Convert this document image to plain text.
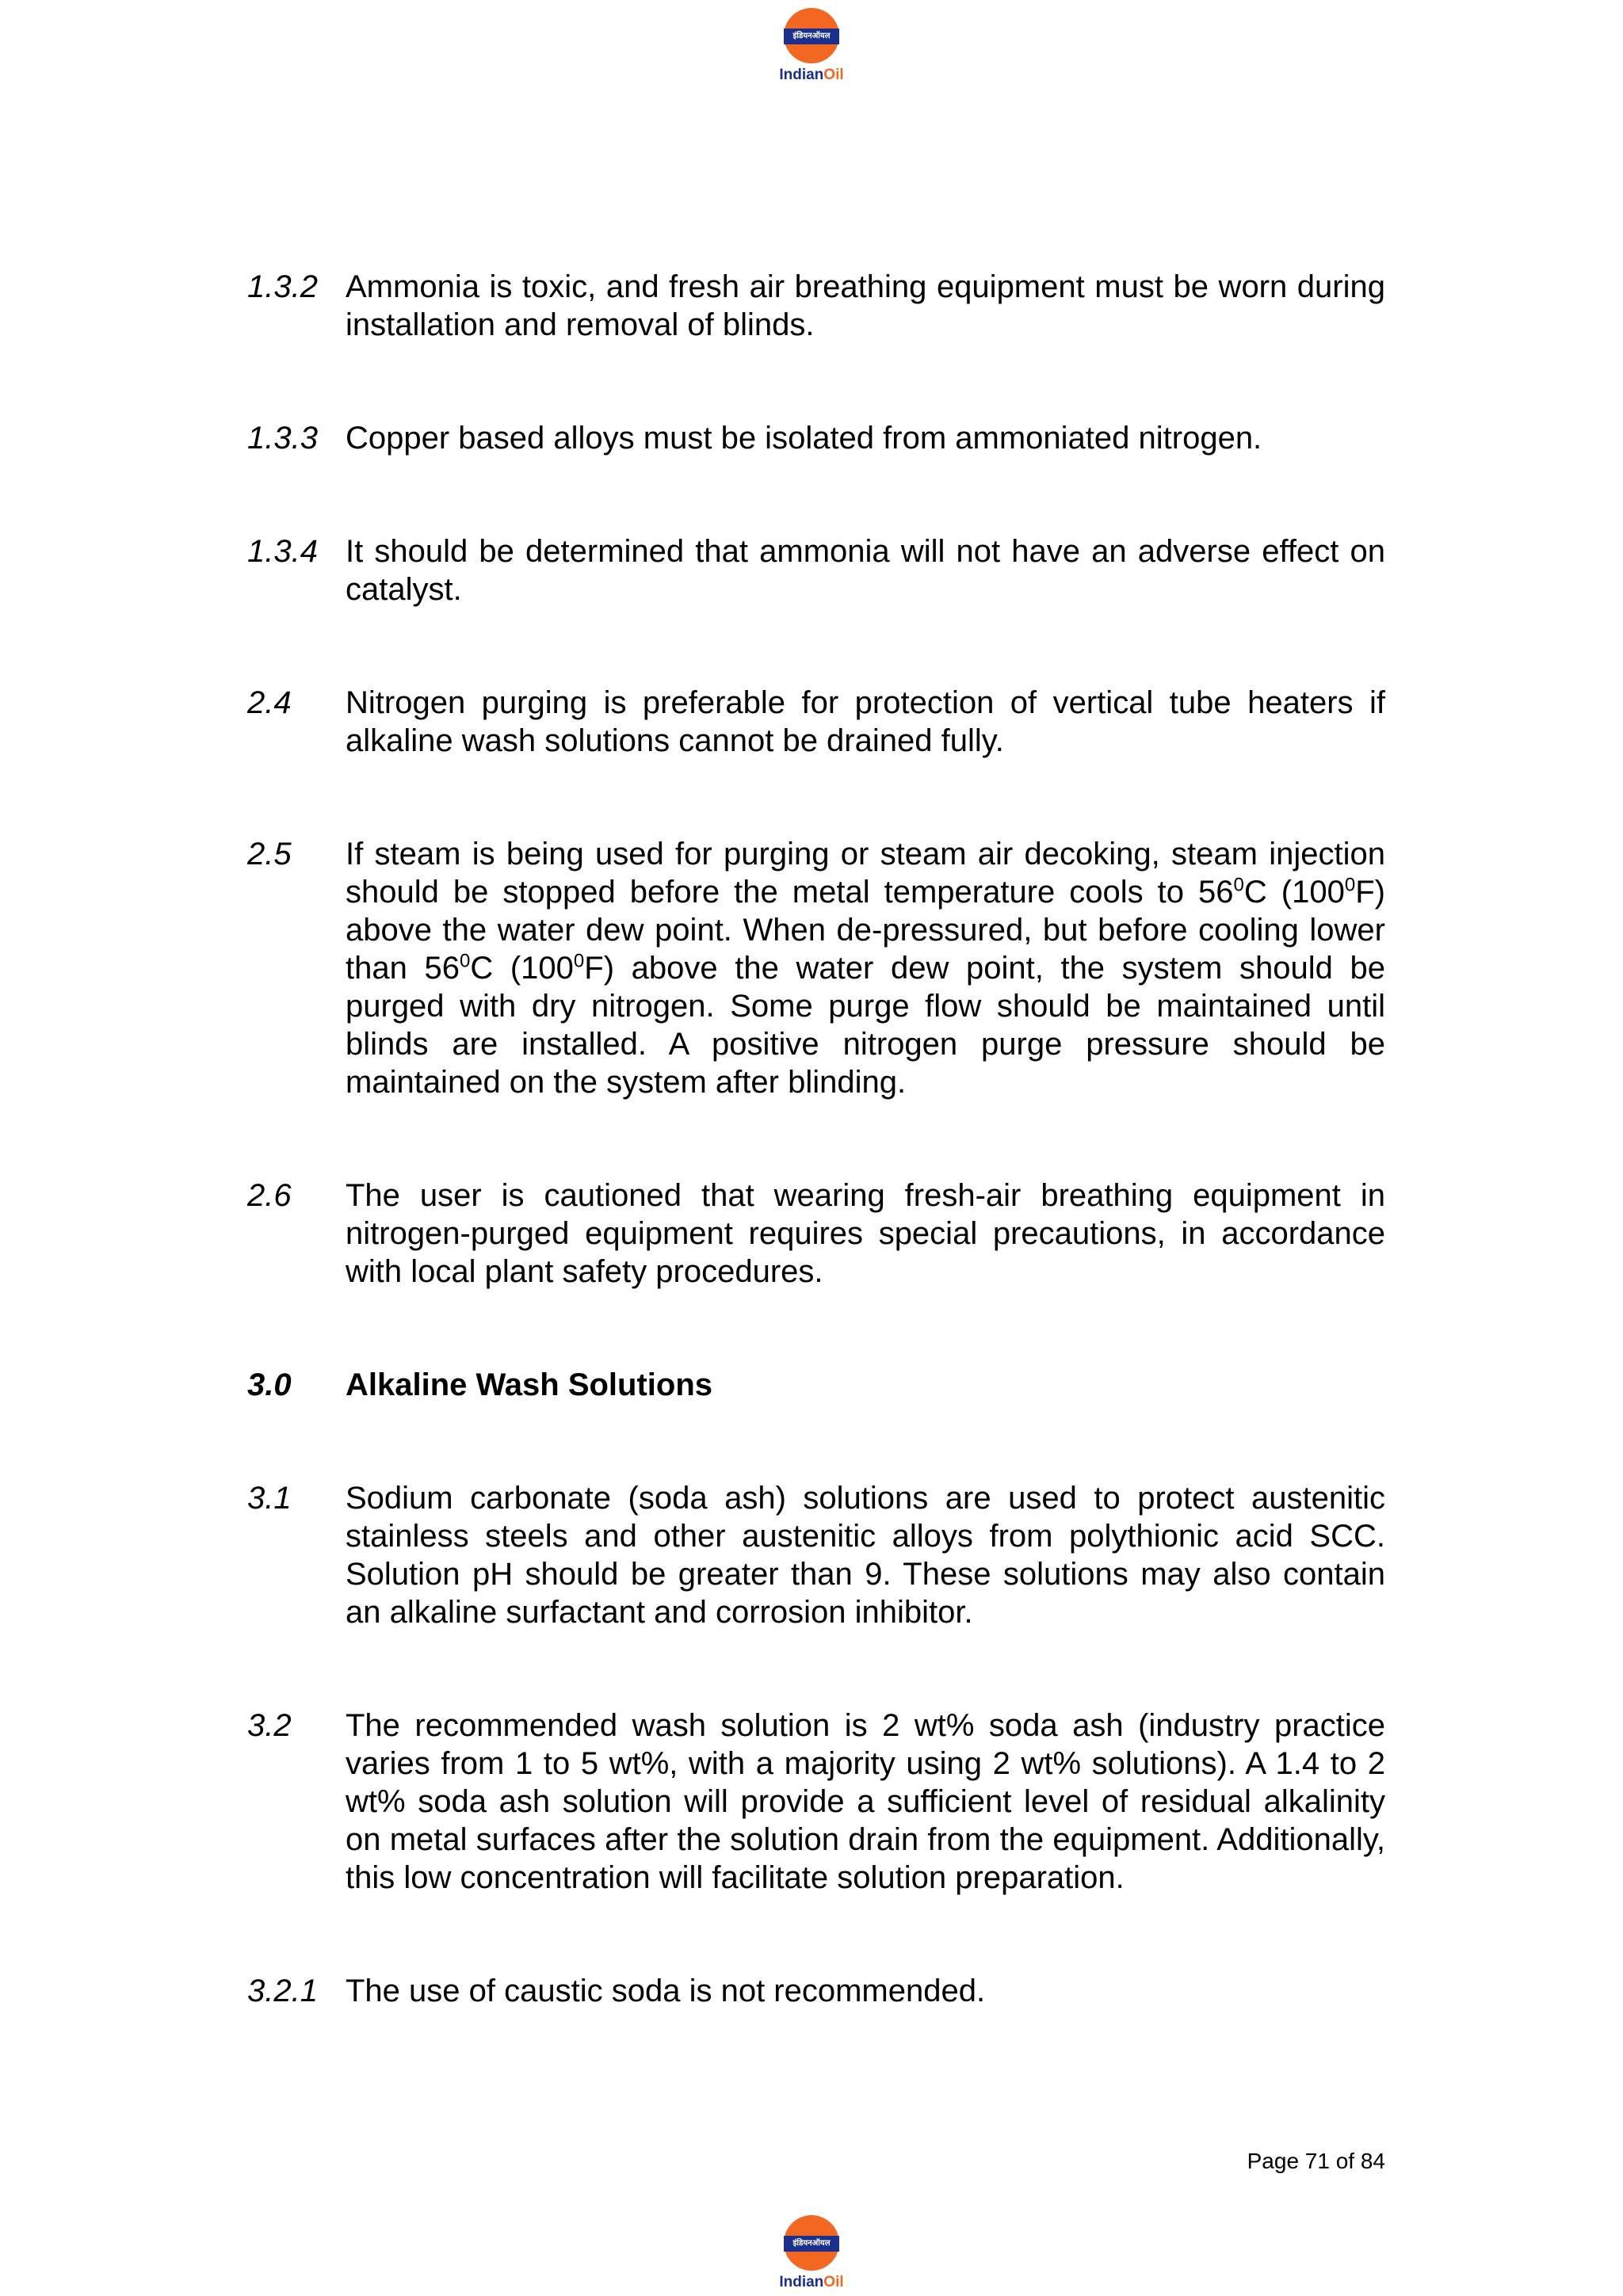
इंडियनऑयल
IndianOil
1.3.2 Ammonia is toxic, and fresh air breathing equipment must be worn during installation and removal of blinds.
1.3.3 Copper based alloys must be isolated from ammoniated nitrogen.
1.3.4 It should be determined that ammonia will not have an adverse effect on catalyst.
2.4	Nitrogen purging is preferable for protection of vertical tube heaters if alkaline wash solutions cannot be drained fully.
2.5	If steam is being used for purging or steam air decoking, steam injection should be stopped before the metal temperature cools to $56^0C$ $(100^0F)$ above the water dew point. When de-pressured, but before cooling lower than $56^0C$ $(100^0F)$ above the water dew point, the system should be purged with dry nitrogen. Some purge flow should be maintained until blinds are installed. A positive nitrogen purge pressure should be maintained on the system after blinding.
2.6	The user is cautioned that wearing fresh-air breathing equipment in nitrogen-purged equipment requires special precautions, in accordance with local plant safety procedures.
3.0	Alkaline Wash Solutions
3.1	Sodium carbonate (soda ash) solutions are used to protect austenitic stainless steels and other austenitic alloys from polythionic acid SCC. Solution pH should be greater than 9. These solutions may also contain an alkaline surfactant and corrosion inhibitor.
3.2	The recommended wash solution is 2 wt% soda ash (industry practice varies from 1 to 5 wt%, with a majority using 2 wt% solutions). A 1.4 to 2 wt% soda ash solution will provide a sufficient level of residual alkalinity on metal surfaces after the solution drain from the equipment. Additionally, this low concentration will facilitate solution preparation.
3.2.1 The use of caustic soda is not recommended.
Page 71 of 84
इंडियनऑयल
IndianOil
